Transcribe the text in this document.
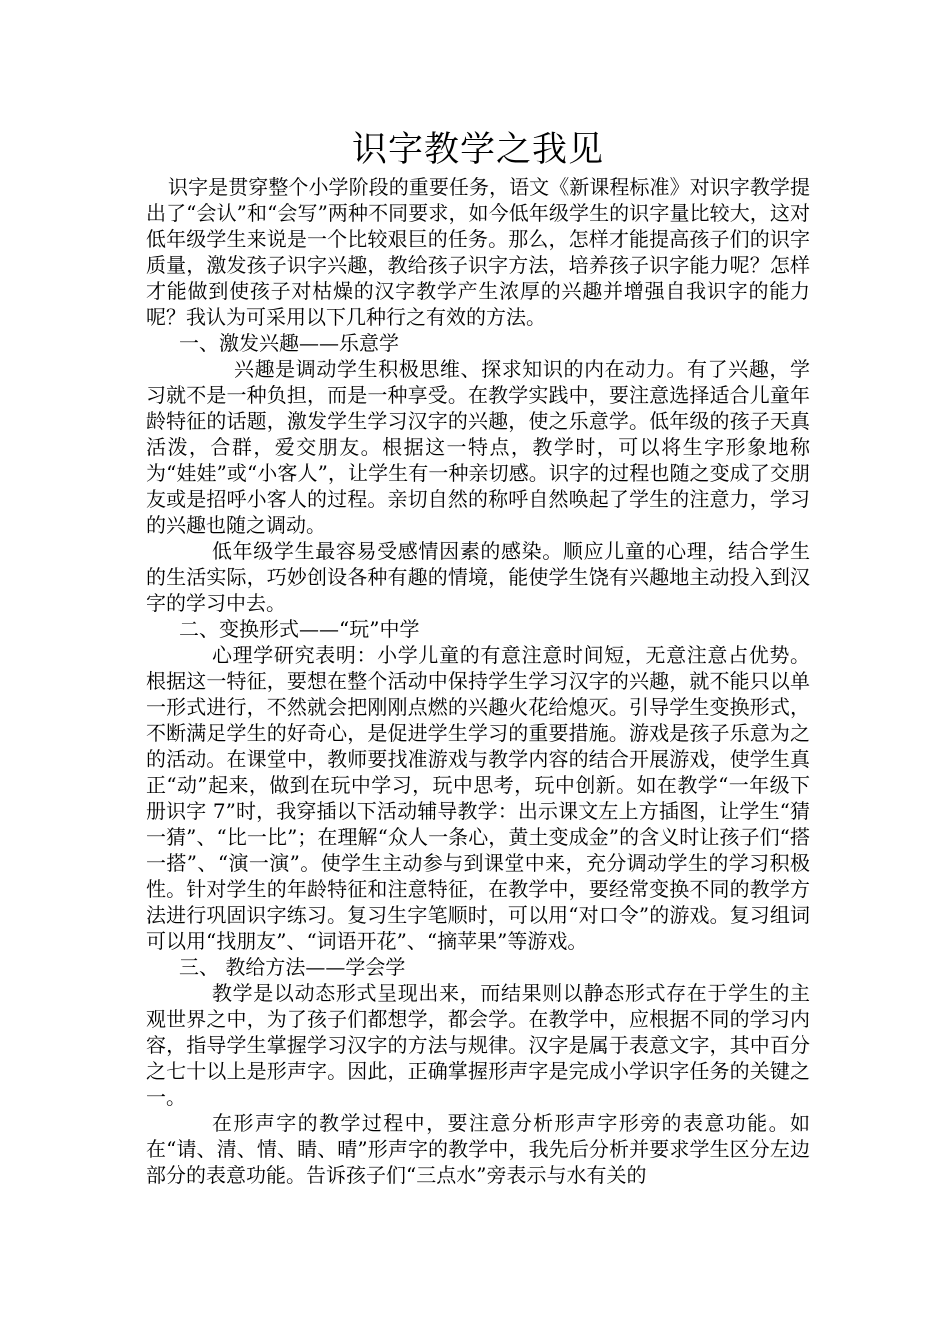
识字教学之我见

识字是贯穿整个小学阶段的重要任务，语文《新课程标准》对识字教学提出了“会认”和“会写”两种不同要求，如今低年级学生的识字量比较大，这对低年级学生来说是一个比较艰巨的任务。那么，怎样才能提高孩子们的识字质量，激发孩子识字兴趣，教给孩子识字方法，培养孩子识字能力呢？怎样才能做到使孩子对枯燥的汉字教学产生浓厚的兴趣并增强自我识字的能力呢？我认为可采用以下几种行之有效的方法。

一、激发兴趣——乐意学

兴趣是调动学生积极思维、探求知识的内在动力。有了兴趣，学习就不是一种负担，而是一种享受。在教学实践中，要注意选择适合儿童年龄特征的话题，激发学生学习汉字的兴趣，使之乐意学。低年级的孩子天真活泼，合群，爱交朋友。根据这一特点，教学时，可以将生字形象地称为“娃娃”或“小客人”，让学生有一种亲切感。识字的过程也随之变成了交朋友或是招呼小客人的过程。亲切自然的称呼自然唤起了学生的注意力，学习的兴趣也随之调动。

低年级学生最容易受感情因素的感染。顺应儿童的心理，结合学生的生活实际，巧妙创设各种有趣的情境，能使学生饶有兴趣地主动投入到汉字的学习中去。

二、变换形式——“玩”中学

心理学研究表明：小学儿童的有意注意时间短，无意注意占优势。根据这一特征，要想在整个活动中保持学生学习汉字的兴趣，就不能只以单一形式进行，不然就会把刚刚点燃的兴趣火花给熄灭。引导学生变换形式，不断满足学生的好奇心，是促进学生学习的重要措施。游戏是孩子乐意为之的活动。在课堂中，教师要找准游戏与教学内容的结合开展游戏，使学生真正“动”起来，做到在玩中学习，玩中思考，玩中创新。如在教学“一年级下册识字 7”时，我穿插以下活动辅导教学：出示课文左上方插图，让学生“猜一猜”、“比一比”；在理解“众人一条心，黄土变成金”的含义时让孩子们“搭一搭”、“演一演”。使学生主动参与到课堂中来，充分调动学生的学习积极性。针对学生的年龄特征和注意特征，在教学中，要经常变换不同的教学方法进行巩固识字练习。复习生字笔顺时，可以用“对口令”的游戏。复习组词可以用“找朋友”、“词语开花”、“摘苹果”等游戏。

三、 教给方法——学会学

教学是以动态形式呈现出来，而结果则以静态形式存在于学生的主观世界之中，为了孩子们都想学，都会学。在教学中，应根据不同的学习内容，指导学生掌握学习汉字的方法与规律。汉字是属于表意文字，其中百分之七十以上是形声字。因此，正确掌握形声字是完成小学识字任务的关键之一。

在形声字的教学过程中，要注意分析形声字形旁的表意功能。如在“请、清、情、睛、晴”形声字的教学中，我先后分析并要求学生区分左边部分的表意功能。告诉孩子们“三点水”旁表示与水有关的
